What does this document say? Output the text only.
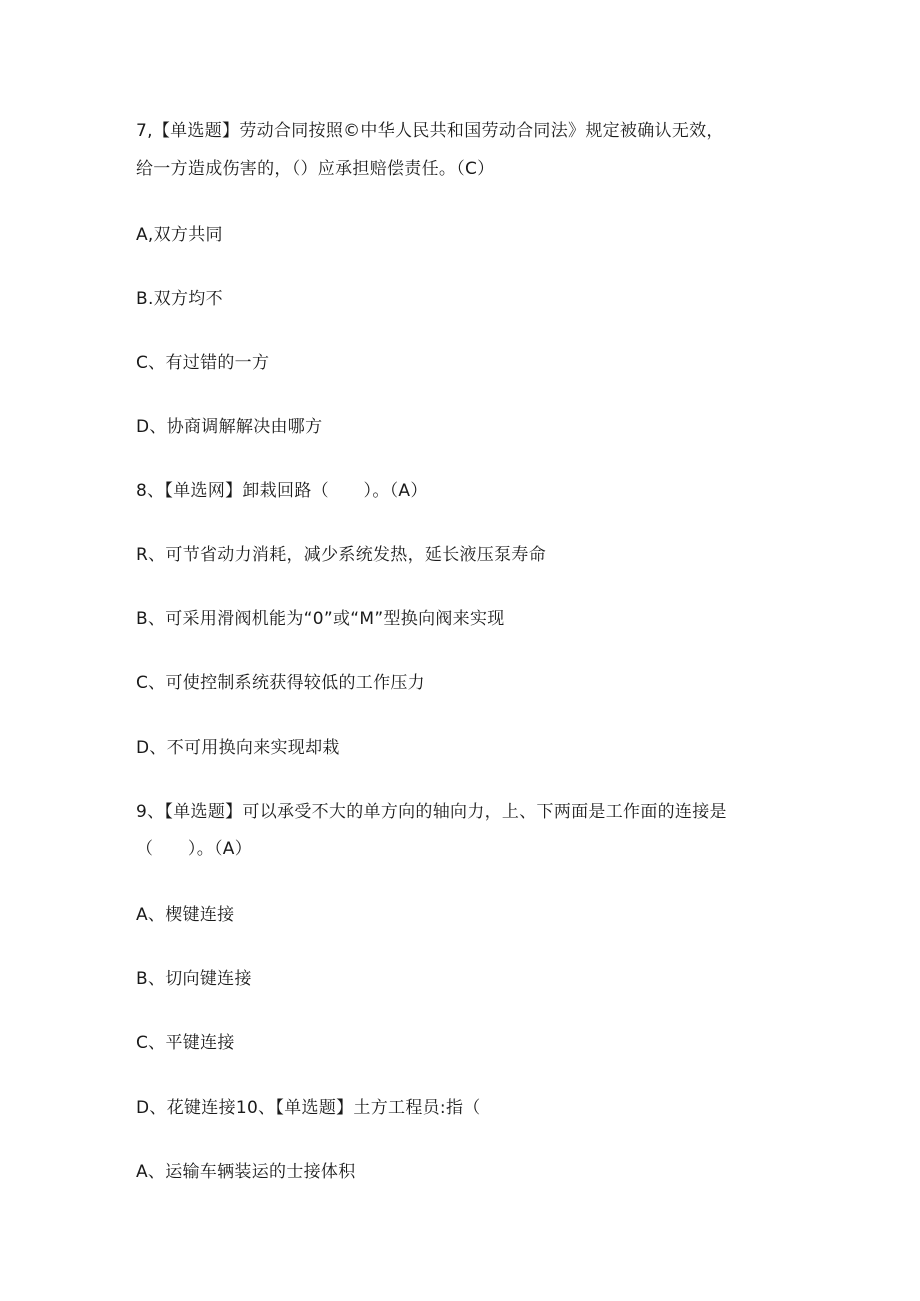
7,【单选题】劳动合同按照©中华人民共和国劳动合同法》规定被确认无效，
给一方造成伤害的，（）应承担赔偿责任。（C）
A,双方共同
B.双方均不
C、有过错的一方
D、协商调解解决由哪方
8、【单选网】卸栽回路（　　）。（A）
R、可节省动力消耗，减少系统发热，延长液压泵寿命
B、可采用滑阀机能为“0”或“M”型换向阀来实现
C、可使控制系统获得较低的工作压力
D、不可用换向来实现却栽
9、【单选题】可以承受不大的单方向的轴向力，上、下两面是工作面的连接是
（　　）。（A）
A、楔键连接
B、切向键连接
C、平键连接
D、花键连接10、【单选题】土方工程员:指（
A、运输车辆装运的士接体积
